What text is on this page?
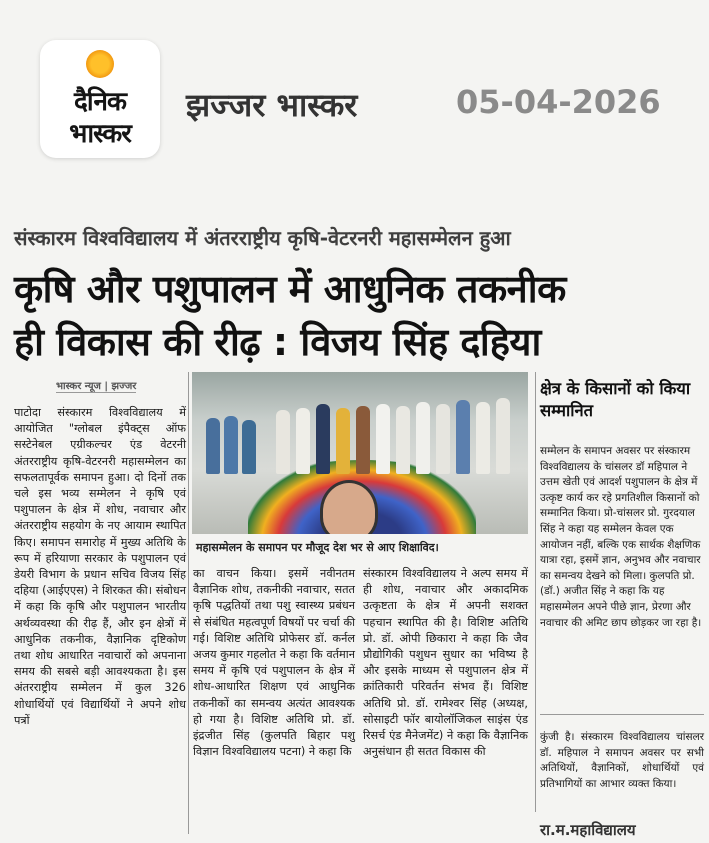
दैनिक
भास्कर
झज्जर भास्कर	05-04-2026
संस्कारम विश्वविद्यालय में अंतरराष्ट्रीय कृषि-वेटरनरी महासम्मेलन हुआ
कृषि और पशुपालन में आधुनिक तकनीक
ही विकास की रीढ़ : विजय सिंह दहिया
भास्कर न्यूज | झज्जर

पाटोदा संस्कारम विश्वविद्यालय में आयोजित "ग्लोबल इंपैक्ट्स ऑफ सस्टेनेबल एग्रीकल्चर एंड वेटरनी अंतरराष्ट्रीय कृषि-वेटरनरी महासम्मेलन का सफलतापूर्वक समापन हुआ। दो दिनों तक चले इस भव्य सम्मेलन ने कृषि एवं पशुपालन के क्षेत्र में शोध, नवाचार और अंतरराष्ट्रीय सहयोग के नए आयाम स्थापित किए। समापन समारोह में मुख्य अतिथि के रूप में हरियाणा सरकार के पशुपालन एवं डेयरी विभाग के प्रधान सचिव विजय सिंह दहिया (आईएएस) ने शिरकत की। संबोधन में कहा कि कृषि और पशुपालन भारतीय अर्थव्यवस्था की रीढ़ हैं, और इन क्षेत्रों में आधुनिक तकनीक, वैज्ञानिक दृष्टिकोण तथा शोध आधारित नवाचारों को अपनाना समय की सबसे बड़ी आवश्यकता है। इस अंतरराष्ट्रीय सम्मेलन में कुल 326 शोधार्थियों एवं विद्यार्थियों ने अपने शोध पत्रों

महासम्मेलन के समापन पर मौजूद देश भर से आए शिक्षाविद।

का वाचन किया। इसमें नवीनतम वैज्ञानिक शोध, तकनीकी नवाचार, सतत कृषि पद्धतियों तथा पशु स्वास्थ्य प्रबंधन से संबंधित महत्वपूर्ण विषयों पर चर्चा की गई। विशिष्ट अतिथि प्रोफेसर डॉ. कर्नल अजय कुमार गहलोत ने कहा कि वर्तमान समय में कृषि एवं पशुपालन के क्षेत्र में शोध-आधारित शिक्षण एवं आधुनिक तकनीकों का समन्वय अत्यंत आवश्यक हो गया है। विशिष्ट अतिथि प्रो. डॉ. इंद्रजीत सिंह (कुलपति बिहार पशु विज्ञान विश्वविद्यालय पटना) ने कहा कि

संस्कारम विश्वविद्यालय ने अल्प समय में ही शोध, नवाचार और अकादमिक उत्कृष्टता के क्षेत्र में अपनी सशक्त पहचान स्थापित की है। विशिष्ट अतिथि प्रो. डॉ. ओपी छिकारा ने कहा कि जैव प्रौद्योगिकी पशुधन सुधार का भविष्य है और इसके माध्यम से पशुपालन क्षेत्र में क्रांतिकारी परिवर्तन संभव हैं। विशिष्ट अतिथि प्रो. डॉ. रामेश्वर सिंह (अध्यक्ष, सोसाइटी फॉर बायोलॉजिकल साइंस एंड रिसर्च एंड मैनेजमेंट) ने कहा कि वैज्ञानिक अनुसंधान ही सतत विकास की

क्षेत्र के किसानों को किया सम्मानित

सम्मेलन के समापन अवसर पर संस्कारम विश्वविद्यालय के चांसलर डॉ महिपाल ने उत्तम खेती एवं आदर्श पशुपालन के क्षेत्र में उत्कृष्ट कार्य कर रहे प्रगतिशील किसानों को सम्मानित किया। प्रो-चांसलर प्रो. गुरदयाल सिंह ने कहा यह सम्मेलन केवल एक आयोजन नहीं, बल्कि एक सार्थक शैक्षणिक यात्रा रहा, इसमें ज्ञान, अनुभव और नवाचार का समन्वय देखने को मिला। कुलपति प्रो. (डॉ.) अजीत सिंह ने कहा कि यह महासम्मेलन अपने पीछे ज्ञान, प्रेरणा और नवाचार की अमिट छाप छोड़कर जा रहा है।

कुंजी है। संस्कारम विश्वविद्यालय चांसलर डॉ. महिपाल ने समापन अवसर पर सभी अतिथियों, वैज्ञानिकों, शोधार्थियों एवं प्रतिभागियों का आभार व्यक्त किया।

रा.म.महाविद्यालय
